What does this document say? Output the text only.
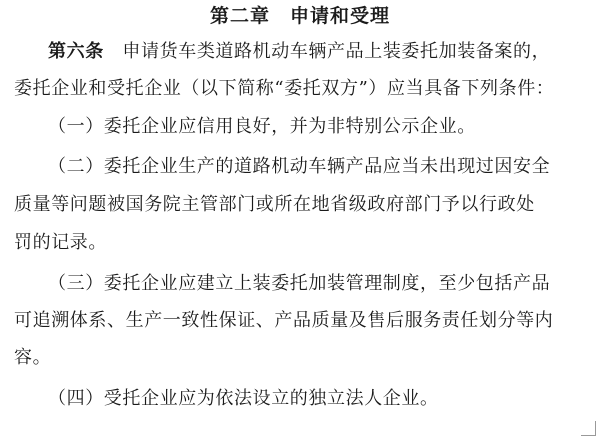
第二章　申请和受理
第六条　 申请货车类道路机动车辆产品上装委托加装备案的，
委托企业和受托企业（以下简称“委托双方”）应当具备下列条件：
（一）委托企业应信用良好，并为非特别公示企业。
（二）委托企业生产的道路机动车辆产品应当未出现过因安全
质量等问题被国务院主管部门或所在地省级政府部门予以行政处
罚的记录。
（三）委托企业应建立上装委托加装管理制度，至少包括产品
可追溯体系、生产一致性保证、产品质量及售后服务责任划分等内
容。
（四）受托企业应为依法设立的独立法人企业。
